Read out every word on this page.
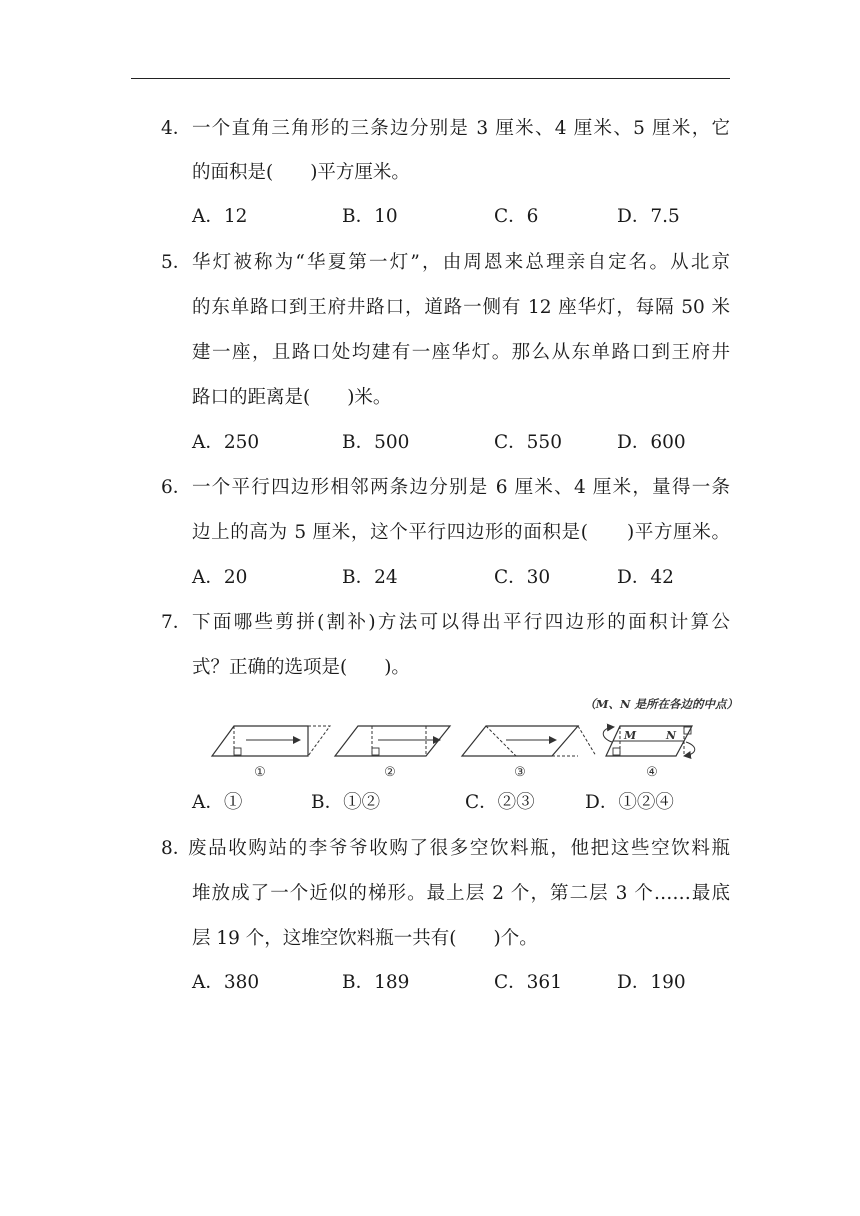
4． 一个直角三角形的三条边分别是 3 厘米、4 厘米、5 厘米，它
的面积是(　　)平方厘米。
A．12	B．10	C．6	D．7.5
5． 华灯被称为“华夏第一灯”，由周恩来总理亲自定名。从北京
的东单路口到王府井路口，道路一侧有 12 座华灯，每隔 50 米
建一座，且路口处均建有一座华灯。那么从东单路口到王府井
路口的距离是(　　)米。
A．250	B．500	C．550	D．600
6． 一个平行四边形相邻两条边分别是 6 厘米、4 厘米，量得一条
边上的高为 5 厘米，这个平行四边形的面积是(　　)平方厘米。
A．20	B．24	C．30	D．42
7． 下面哪些剪拼(割补)方法可以得出平行四边形的面积计算公
式？正确的选项是(　　)。
（M、N 是所在各边的中点）
①	②	③
M	N
④
A．①	B．①②	C．②③	D．①②④
8．
废品收购站的李爷爷收购了很多空饮料瓶，他把这些空饮料瓶
堆放成了一个近似的梯形。最上层 2 个，第二层 3 个……最底
层 19 个，这堆空饮料瓶一共有(　　)个。
A．380	B．189	C．361	D．190
